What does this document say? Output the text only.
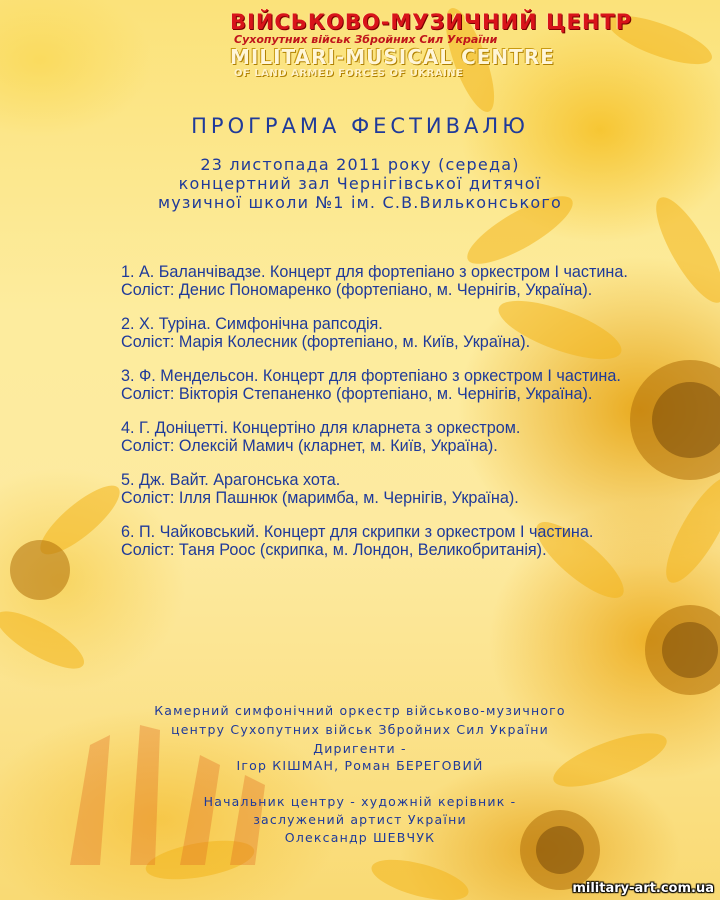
ВІЙСЬКОВО-МУЗИЧНИЙ ЦЕНТР
Сухопутних військ Збройних Сил України
MILITARI-MUSICAL CENTRE
OF LAND ARMED FORCES OF UKRAINE
ПРОГРАМА ФЕСТИВАЛЮ
23 листопада 2011 року (середа)
концертний зал Чернігівської дитячої
музичної школи №1 ім. С.В.Вильконського

1. А. Баланчівадзе. Концерт для фортепіано з оркестром І частина.

Соліст: Денис Пономаренко (фортепіано, м. Чернігів, Україна).

2. Х. Туріна. Симфонічна рапсодія.

Соліст: Марія Колесник (фортепіано, м. Київ, Україна).

3. Ф. Мендельсон. Концерт для фортепіано з оркестром І частина.

Соліст: Вікторія Степаненко (фортепіано, м. Чернігів, Україна).

4. Г. Доніцетті. Концертіно для кларнета з оркестром.

Соліст: Олексій Мамич (кларнет, м. Київ, Україна).

5. Дж. Вайт. Арагонська хота.

Соліст: Ілля Пашнюк (маримба, м. Чернігів, Україна).

6. П. Чайковський. Концерт для скрипки з оркестром І частина.

Соліст: Таня Роос (скрипка, м. Лондон, Великобританія).

Камерний симфонічний оркестр військово-музичного
центру Сухопутних військ Збройних Сил України
Диригенти -
Ігор КІШМАН, Роман БЕРЕГОВИЙ
Начальник центру - художній керівник -
заслужений артист України
Олександр ШЕВЧУК
military-art.com.ua
